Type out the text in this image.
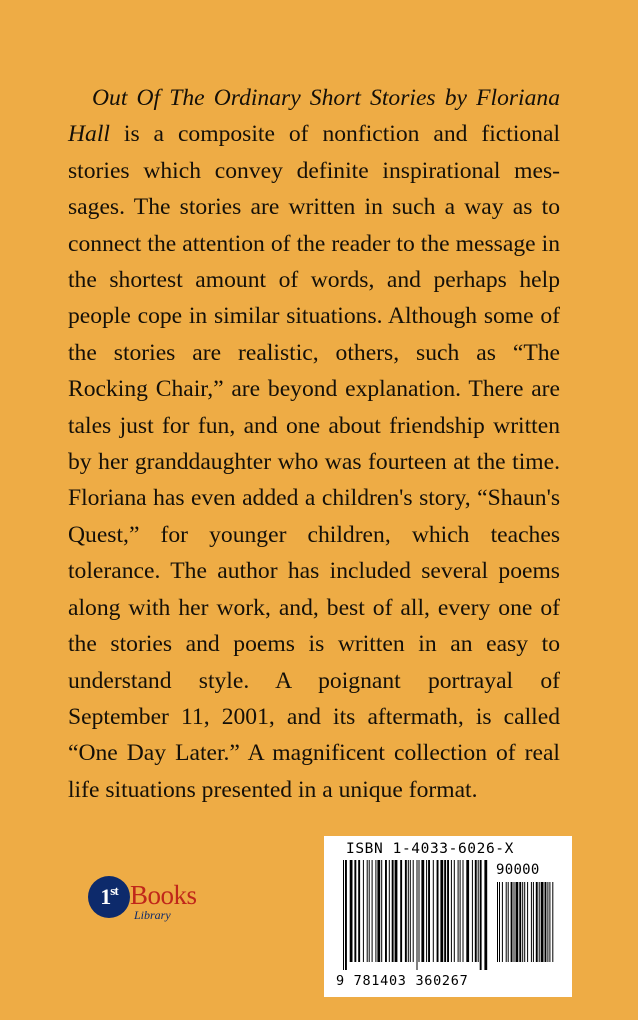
Out Of The Ordinary Short Stories by Floriana Hall is a composite of nonfiction and fictional stories which convey definite inspirational messages. The stories are written in such a way as to connect the attention of the reader to the message in the shortest amount of words, and perhaps help people cope in similar situations. Although some of the stories are realistic, others, such as “The Rocking Chair,” are beyond explanation. There are tales just for fun, and one about friendship written by her granddaughter who was fourteen at the time. Floriana has even added a children's story, “Shaun's Quest,” for younger children, which teaches tolerance. The author has included several poems along with her work, and, best of all, every one of the stories and poems is written in an easy to understand style. A poignant portrayal of September 11, 2001, and its aftermath, is called “One Day Later.” A magnificent collection of real life situations presented in a unique format.

1st Books
Library
ISBN 1-4033-6026-X
90000
9 781403 360267
